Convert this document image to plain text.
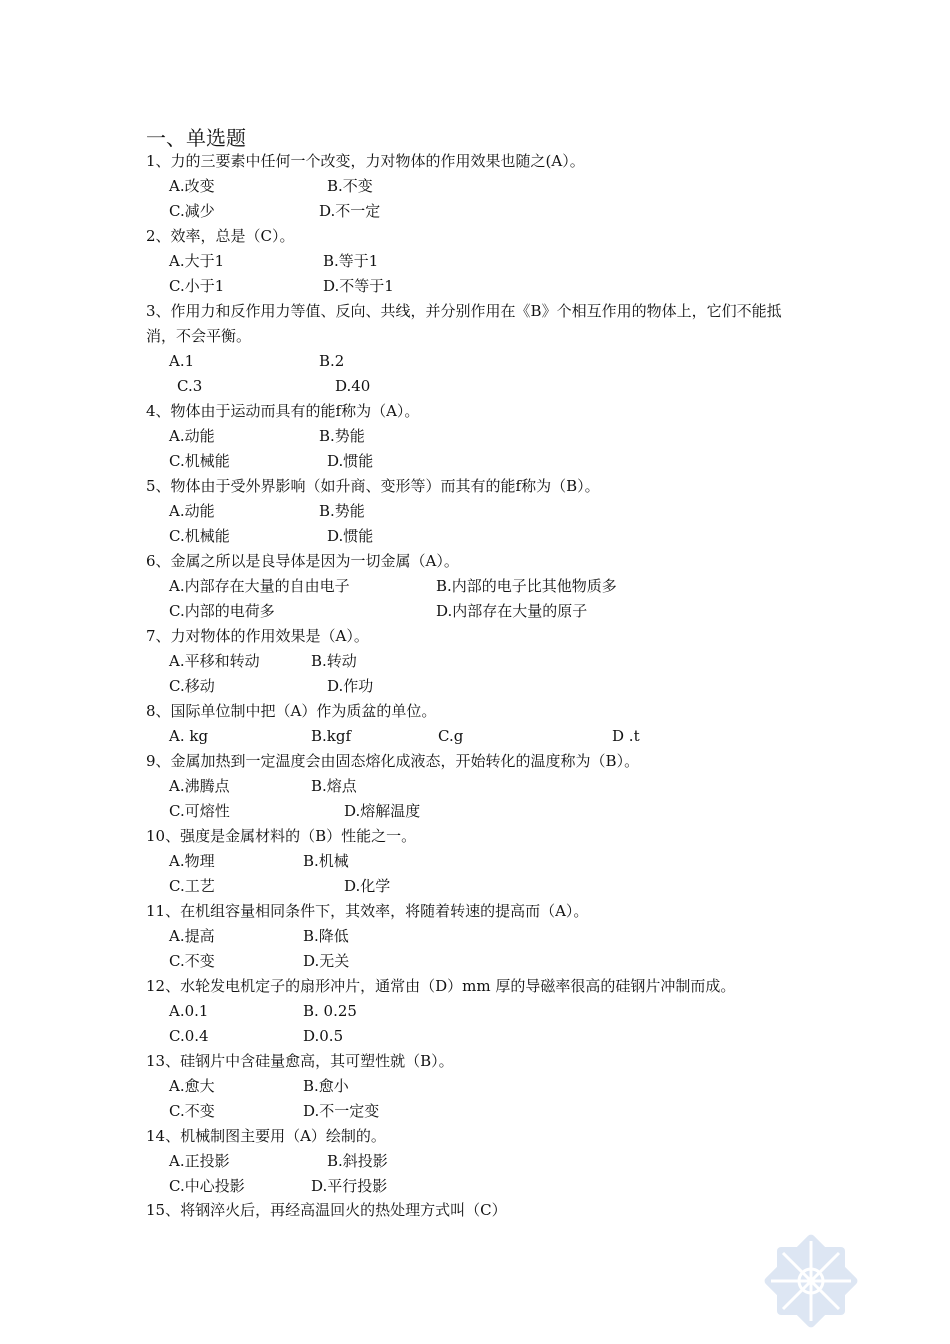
1、力的三要素中任何一个改变，力对物体的作用效果也随之(A）。
A.改变	B.不变
C.减少	D.不一定
2、效率，总是（C）。
A.大于1	B.等于1
C.小于1	D.不等于1
3、作用力和反作用力等值、反向、共线，并分别作用在《B》个相互作用的物体上，它们不能抵
消，不会平衡。
A.1	B.2
C.3	D.40
4、物体由于运动而具有的能f称为（A）。
A.动能	B.势能
C.机械能	D.惯能
5、物体由于受外界影响（如升商、变形等）而其有的能f称为（B）。
A.动能	B.势能
C.机械能	D.惯能
6、金属之所以是良导体是因为一切金属（A）。
A.内部存在大量的自由电子	B.内部的电子比其他物质多
C.内部的电荷多	D.内部存在大量的原子
7、力对物体的作用效果是（A）。
A.平移和转动	B.转动
C.移动	D.作功
8、国际单位制中把（A）作为质盆的单位。
A. kg	B.kgf	C.g	D .t
9、金属加热到一定温度会由固态熔化成液态，开始转化的温度称为（B）。
A.沸腾点	B.熔点
C.可熔性	D.熔解温度
10、强度是金属材料的（B）性能之一。
A.物理	B.机械
C.工艺	D.化学
11、在机组容量相同条件下，其效率，将随着转速的提高而（A）。
A.提高	B.降低
C.不变	D.无关
12、水轮发电机定子的扇形冲片，通常由（D）mm 厚的导磁率很高的硅钢片冲制而成。
A.0.1	B. 0.25
C.0.4	D.0.5
13、硅钢片中含硅量愈高，其可塑性就（B）。
A.愈大	B.愈小
C.不变	D.不一定变
14、机械制图主要用（A）绘制的。
A.正投影	B.斜投影
C.中心投影	D.平行投影
15、将钢淬火后，再经高温回火的热处理方式叫（C）
一、单选题
